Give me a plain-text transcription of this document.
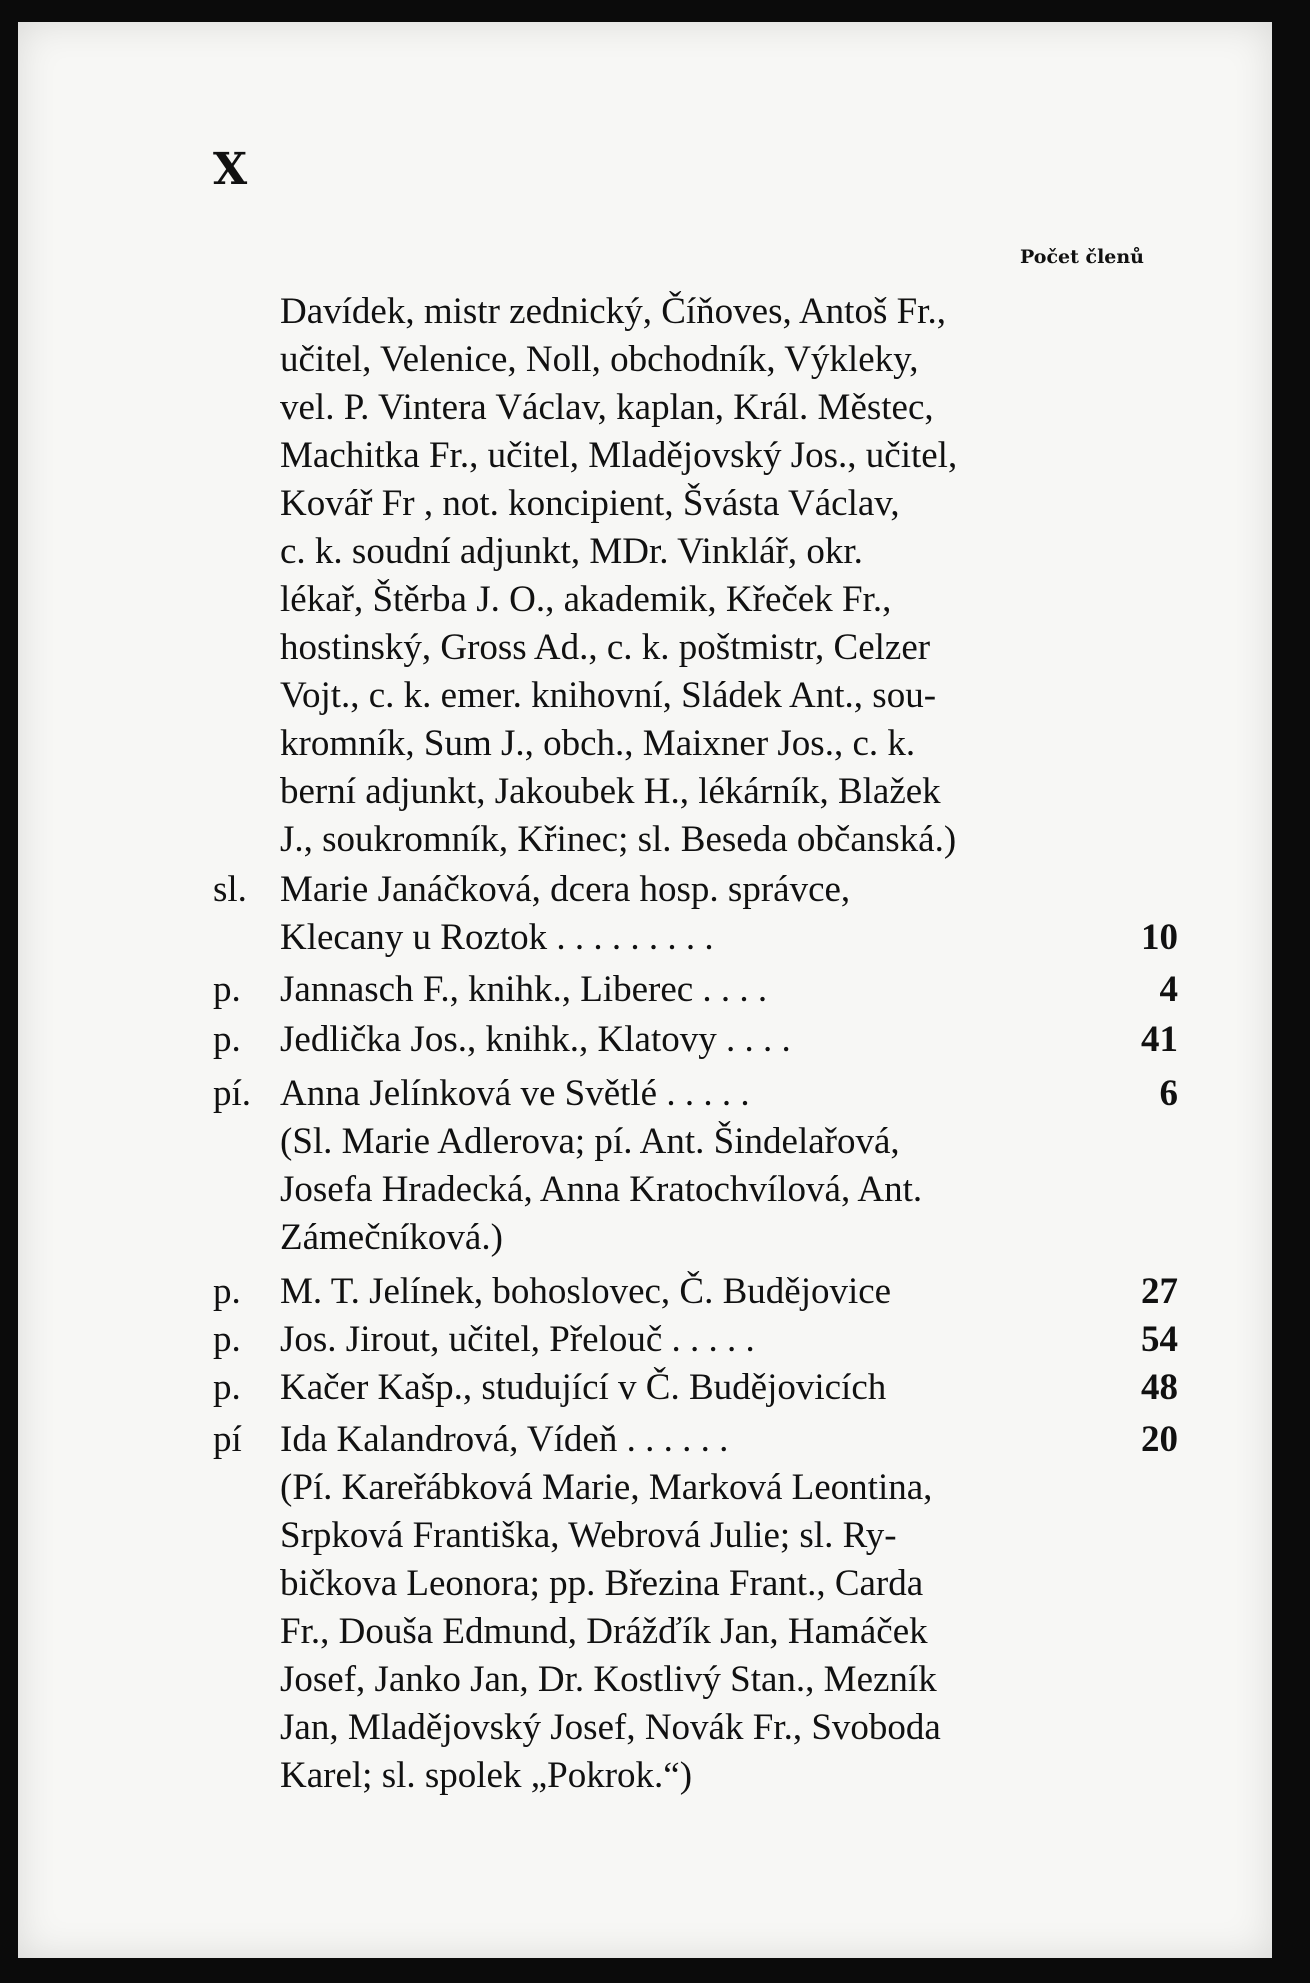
X
Počet členů
Davídek, mistr zednický, Číňoves, Antoš Fr.,
učitel, Velenice, Noll, obchodník, Výkleky,
vel. P. Vintera Václav, kaplan, Král. Městec,
Machitka Fr., učitel, Mladějovský Jos., učitel,
Kovář Fr , not. koncipient, Švásta Václav,
c. k. soudní adjunkt, MDr. Vinklář, okr.
lékař, Štěrba J. O., akademik, Křeček Fr.,
hostinský, Gross Ad., c. k. poštmistr, Celzer
Vojt., c. k. emer. knihovní, Sládek Ant., sou-
kromník, Sum J., obch., Maixner Jos., c. k.
berní adjunkt, Jakoubek H., lékárník, Blažek
J., soukromník, Křinec; sl. Beseda občanská.)
sl. Marie Janáčková, dcera hosp. správce,
Klecany u Roztok . . . . . . . . .	10
p.	Jannasch F., knihk., Liberec . . . .	4
p.	Jedlička Jos., knihk., Klatovy . . . .	41
pí. Anna Jelínková ve Světlé . . . . .	6
(Sl. Marie Adlerova; pí. Ant. Šindelařová,
Josefa Hradecká, Anna Kratochvílová, Ant.
Zámečníková.)
p.	M. T. Jelínek, bohoslovec, Č. Budějovice	27
p.	Jos. Jirout, učitel, Přelouč . . . . .	54
p.	Kačer Kašp., studující v Č. Budějovicích	48
pí	Ida Kalandrová, Vídeň . . . . . .	20
(Pí. Kareřábková Marie, Marková Leontina,
Srpková Františka, Webrová Julie; sl. Ry-
bičkova Leonora; pp. Březina Frant., Carda
Fr., Douša Edmund, Drážďík Jan, Hamáček
Josef, Janko Jan, Dr. Kostlivý Stan., Mezník
Jan, Mladějovský Josef, Novák Fr., Svoboda
Karel; sl. spolek „Pokrok.“)
